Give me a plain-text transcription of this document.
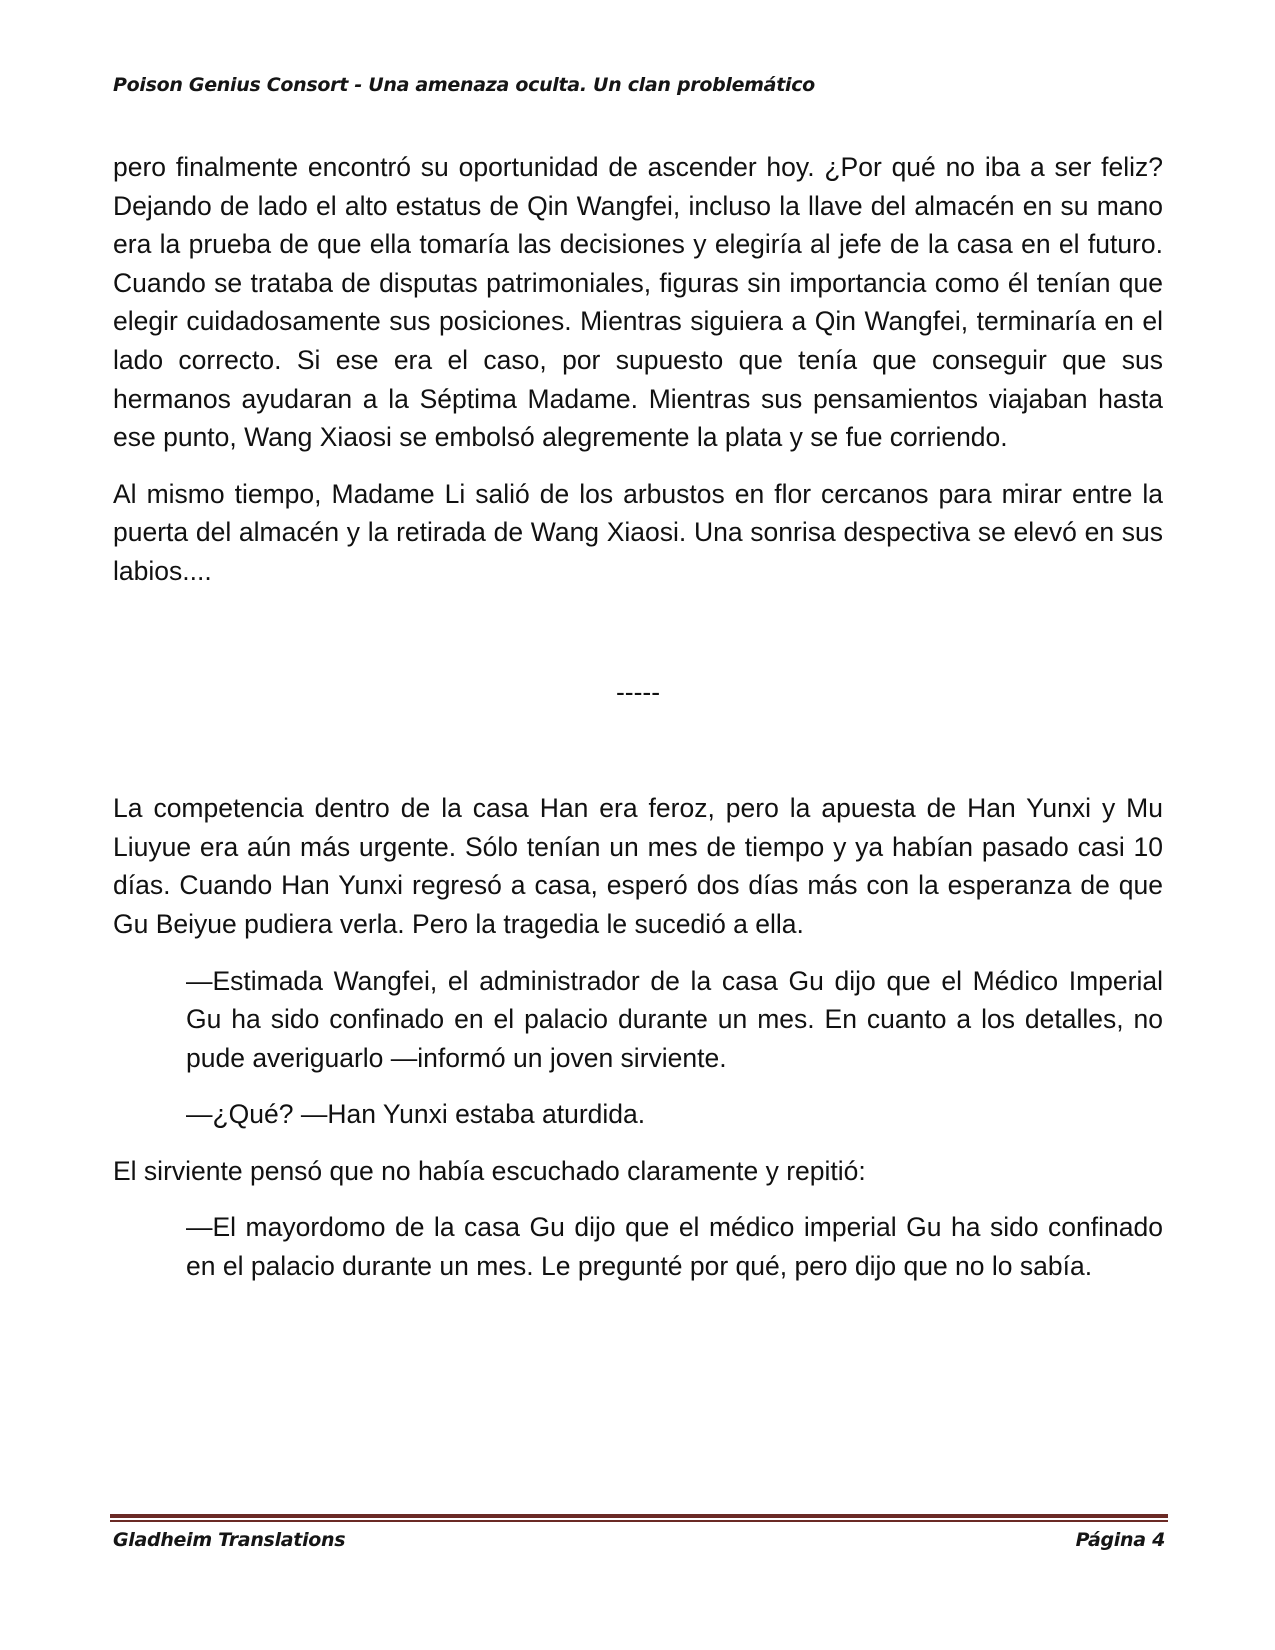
Poison Genius Consort - Una amenaza oculta. Un clan problemático

pero finalmente encontró su oportunidad de ascender hoy. ¿Por qué no iba a ser feliz? Dejando de lado el alto estatus de Qin Wangfei, incluso la llave del almacén en su mano era la prueba de que ella tomaría las decisiones y elegiría al jefe de la casa en el futuro. Cuando se trataba de disputas patrimoniales, figuras sin importancia como él tenían que elegir cuidadosamente sus posiciones. Mientras siguiera a Qin Wangfei, terminaría en el lado correcto. Si ese era el caso, por supuesto que tenía que conseguir que sus hermanos ayudaran a la Séptima Madame. Mientras sus pensamientos viajaban hasta ese punto, Wang Xiaosi se embolsó alegremente la plata y se fue corriendo.

Al mismo tiempo, Madame Li salió de los arbustos en flor cercanos para mirar entre la puerta del almacén y la retirada de Wang Xiaosi. Una sonrisa despectiva se elevó en sus labios....

-----

La competencia dentro de la casa Han era feroz, pero la apuesta de Han Yunxi y Mu Liuyue era aún más urgente. Sólo tenían un mes de tiempo y ya habían pasado casi 10 días. Cuando Han Yunxi regresó a casa, esperó dos días más con la esperanza de que Gu Beiyue pudiera verla. Pero la tragedia le sucedió a ella.

—Estimada Wangfei, el administrador de la casa Gu dijo que el Médico Imperial Gu ha sido confinado en el palacio durante un mes. En cuanto a los detalles, no pude averiguarlo —informó un joven sirviente.

—¿Qué? —Han Yunxi estaba aturdida.

El sirviente pensó que no había escuchado claramente y repitió:

—El mayordomo de la casa Gu dijo que el médico imperial Gu ha sido confinado en el palacio durante un mes. Le pregunté por qué, pero dijo que no lo sabía.

Gladheim Translations	Página 4
